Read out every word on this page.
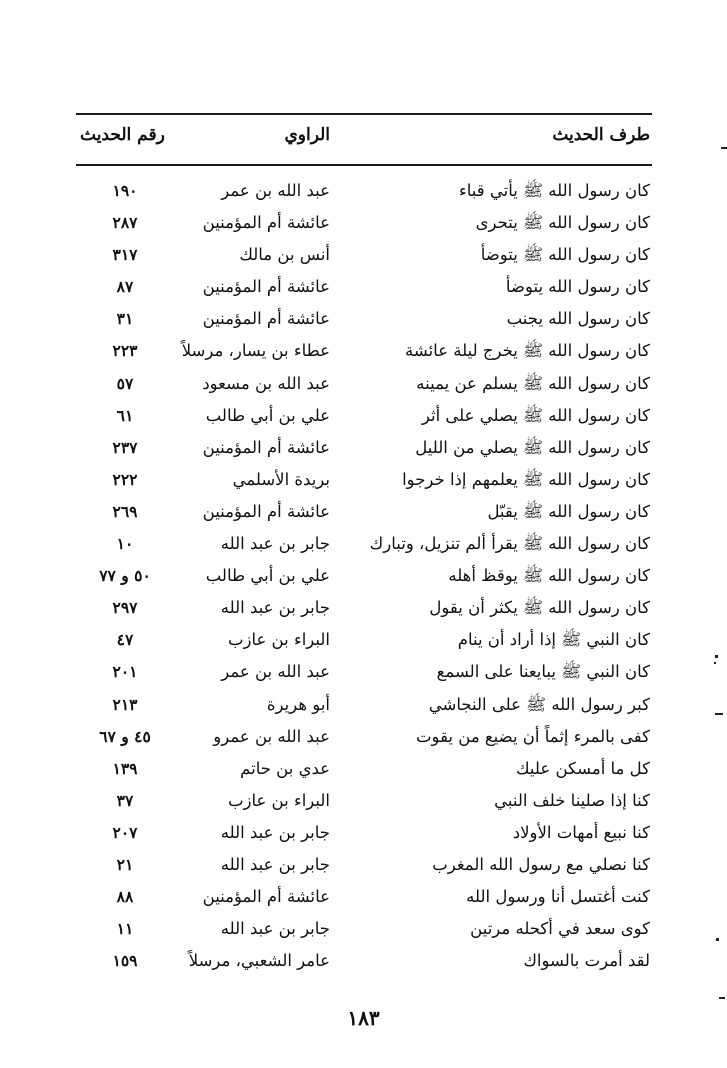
طرف الحديث
الراوي
رقم الحديث
كان رسول الله ﷺ يأتي قباء
عبد الله بن عمر
١٩٠
كان رسول الله ﷺ يتحرى
عائشة أم المؤمنين
٢٨٧
كان رسول الله ﷺ يتوضأ
أنس بن مالك
٣١٧
كان رسول الله يتوضأ
عائشة أم المؤمنين
٨٧
كان رسول الله يجنب
عائشة أم المؤمنين
٣١
كان رسول الله ﷺ يخرج ليلة عائشة
عطاء بن يسار، مرسلاً
٢٢٣
كان رسول الله ﷺ يسلم عن يمينه
عبد الله بن مسعود
٥٧
كان رسول الله ﷺ يصلي على أثر
علي بن أبي طالب
٦١
كان رسول الله ﷺ يصلي من الليل
عائشة أم المؤمنين
٢٣٧
كان رسول الله ﷺ يعلمهم إذا خرجوا
بريدة الأسلمي
٢٢٢
كان رسول الله ﷺ يقبّل
عائشة أم المؤمنين
٢٦٩
كان رسول الله ﷺ يقرأ ألم تنزيل، وتبارك
جابر بن عبد الله
١٠
كان رسول الله ﷺ يوقظ أهله
علي بن أبي طالب
٥٠ و ٧٧
كان رسول الله ﷺ يكثر أن يقول
جابر بن عبد الله
٢٩٧
كان النبي ﷺ إذا أراد أن ينام
البراء بن عازب
٤٧
كان النبي ﷺ يبايعنا على السمع
عبد الله بن عمر
٢٠١
كبر رسول الله ﷺ على النجاشي
أبو هريرة
٢١٣
كفى بالمرء إثماً أن يضيع من يقوت
عبد الله بن عمرو
٤٥ و ٦٧
كل ما أمسكن عليك
عدي بن حاتم
١٣٩
كنا إذا صلينا خلف النبي
البراء بن عازب
٣٧
كنا نبيع أمهات الأولاد
جابر بن عبد الله
٢٠٧
كنا نصلي مع رسول الله المغرب
جابر بن عبد الله
٢١
كنت أغتسل أنا ورسول الله
عائشة أم المؤمنين
٨٨
كوى سعد في أكحله مرتين
جابر بن عبد الله
١١
لقد أمرت بالسواك
عامر الشعبي، مرسلاً
١٥٩
١٨٣
